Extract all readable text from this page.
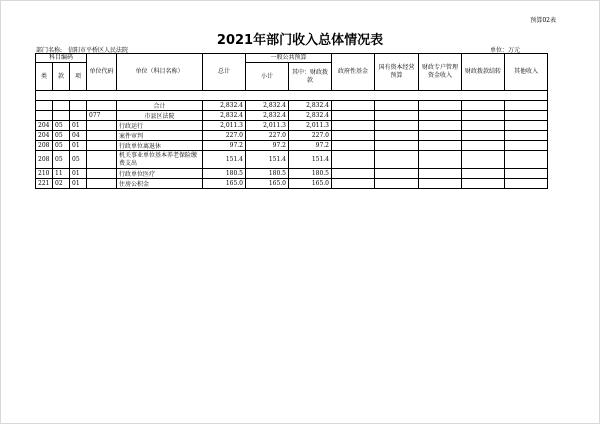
预算02表
2021年部门收入总体情况表
部门名称: 信阳市平桥区人民法院	单位：万元
科目编码			单位代码	单位（科目名称）	总计	一般公共预算		政府性基金	国有资本经营预算	财政专户管理资金收入	财政拨款结转	其他收入
类	款	项				小计	其中：财政拨款					

				合计	2,832.4	2,832.4	2,832.4					
			077	市县区法院	2,832.4	2,832.4	2,832.4					
204	05	01		行政运行	2,011.3	2,011.3	2,011.3					
204	05	04		案件审判	227.0	227.0	227.0					
208	05	01		行政单位离退休	97.2	97.2	97.2					
208	05	05		机关事业单位基本养老保险缴费支出	151.4	151.4	151.4					
210	11	01		行政单位医疗	180.5	180.5	180.5					
221	02	01		住房公积金	165.0	165.0	165.0					
